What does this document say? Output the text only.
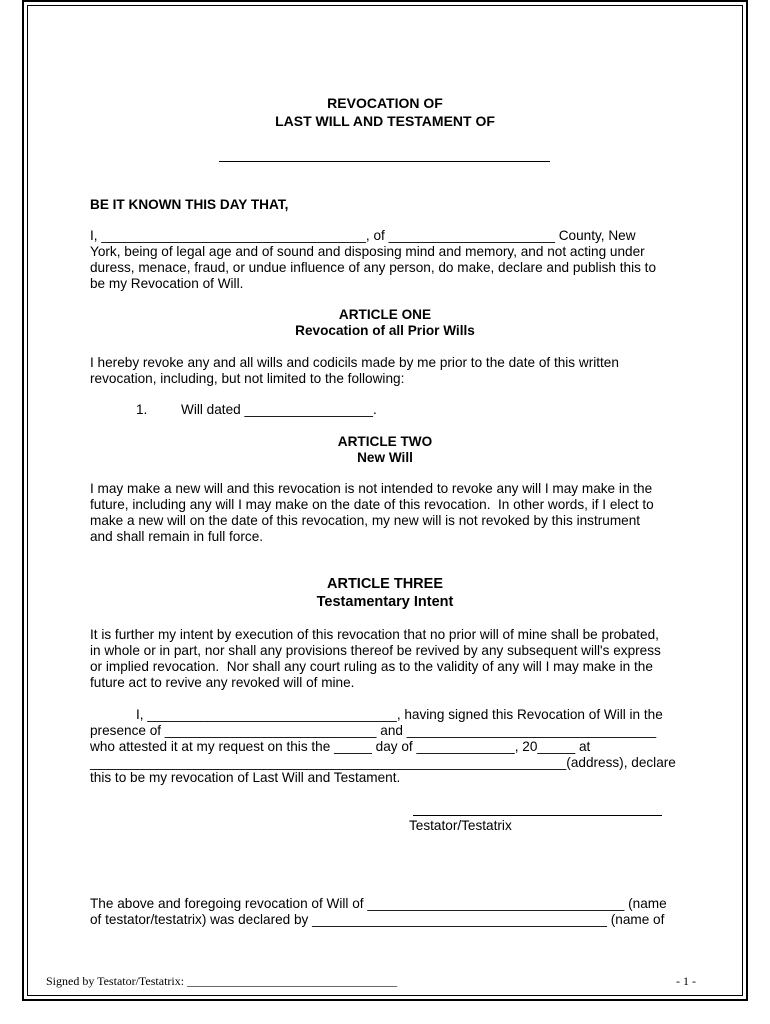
REVOCATION OF
LAST WILL AND TESTAMENT OF
BE IT KNOWN THIS DAY THAT,
I, ___________________________________, of ______________________ County, New
York, being of legal age and of sound and disposing mind and memory, and not acting under
duress, menace, fraud, or undue influence of any person, do make, declare and publish this to
be my Revocation of Will.
ARTICLE ONE
Revocation of all Prior Wills
I hereby revoke any and all wills and codicils made by me prior to the date of this written
revocation, including, but not limited to the following:
1. Will dated _________________.
ARTICLE TWO
New Will
I may make a new will and this revocation is not intended to revoke any will I may make in the
future, including any will I may make on the date of this revocation.  In other words, if I elect to
make a new will on the date of this revocation, my new will is not revoked by this instrument
and shall remain in full force.
ARTICLE THREE
Testamentary Intent
It is further my intent by execution of this revocation that no prior will of mine shall be probated,
in whole or in part, nor shall any provisions thereof be revived by any subsequent will's express
or implied revocation.  Nor shall any court ruling as to the validity of any will I may make in the
future act to revive any revoked will of mine.
I, _________________________________, having signed this Revocation of Will in the
presence of ____________________________ and _________________________________
who attested it at my request on this the _____ day of _____________, 20_____ at
_______________________________________________________________(address), declare
this to be my revocation of Last Will and Testament.
Testator/Testatrix
The above and foregoing revocation of Will of __________________________________ (name
of testator/testatrix) was declared by _______________________________________ (name of
Signed by Testator/Testatrix: ___________________________________	- 1 -
